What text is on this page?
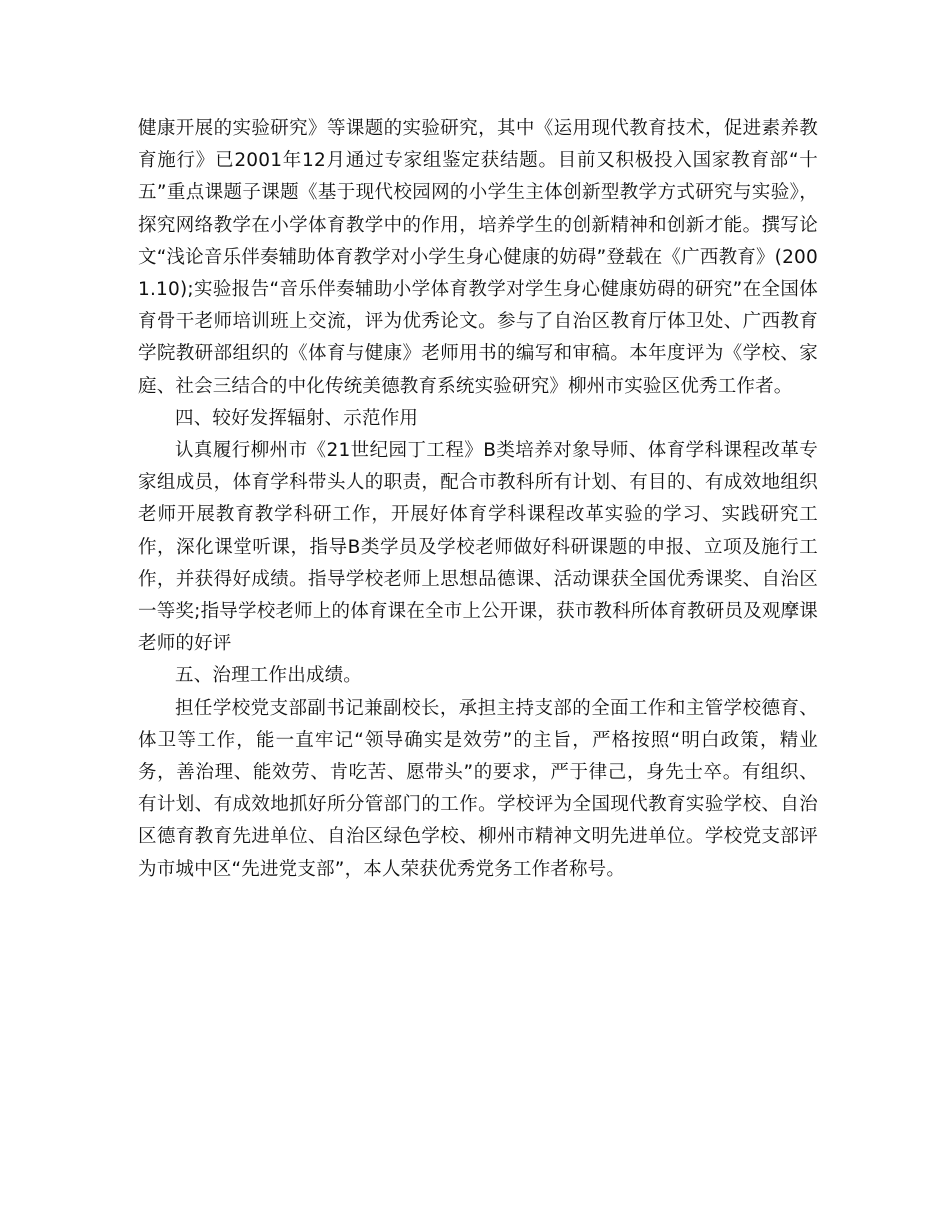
健康开展的实验研究》等课题的实验研究，其中《运用现代教育技术，促进素养教育施行》已2001年12月通过专家组鉴定获结题。目前又积极投入国家教育部“十五”重点课题子课题《基于现代校园网的小学生主体创新型教学方式研究与实验》，探究网络教学在小学体育教学中的作用，培养学生的创新精神和创新才能。撰写论文“浅论音乐伴奏辅助体育教学对小学生身心健康的妨碍”登载在《广西教育》(2001.10);实验报告“音乐伴奏辅助小学体育教学对学生身心健康妨碍的研究”在全国体育骨干老师培训班上交流，评为优秀论文。参与了自治区教育厅体卫处、广西教育学院教研部组织的《体育与健康》老师用书的编写和审稿。本年度评为《学校、家庭、社会三结合的中化传统美德教育系统实验研究》柳州市实验区优秀工作者。

四、较好发挥辐射、示范作用

认真履行柳州市《21世纪园丁工程》B类培养对象导师、体育学科课程改革专家组成员，体育学科带头人的职责，配合市教科所有计划、有目的、有成效地组织老师开展教育教学科研工作，开展好体育学科课程改革实验的学习、实践研究工作，深化课堂听课，指导B类学员及学校老师做好科研课题的申报、立项及施行工作，并获得好成绩。指导学校老师上思想品德课、活动课获全国优秀课奖、自治区一等奖;指导学校老师上的体育课在全市上公开课，获市教科所体育教研员及观摩课老师的好评

五、治理工作出成绩。

担任学校党支部副书记兼副校长，承担主持支部的全面工作和主管学校德育、体卫等工作，能一直牢记“领导确实是效劳”的主旨，严格按照“明白政策，精业务，善治理、能效劳、肯吃苦、愿带头”的要求，严于律己，身先士卒。有组织、有计划、有成效地抓好所分管部门的工作。学校评为全国现代教育实验学校、自治区德育教育先进单位、自治区绿色学校、柳州市精神文明先进单位。学校党支部评为市城中区“先进党支部”，本人荣获优秀党务工作者称号。
